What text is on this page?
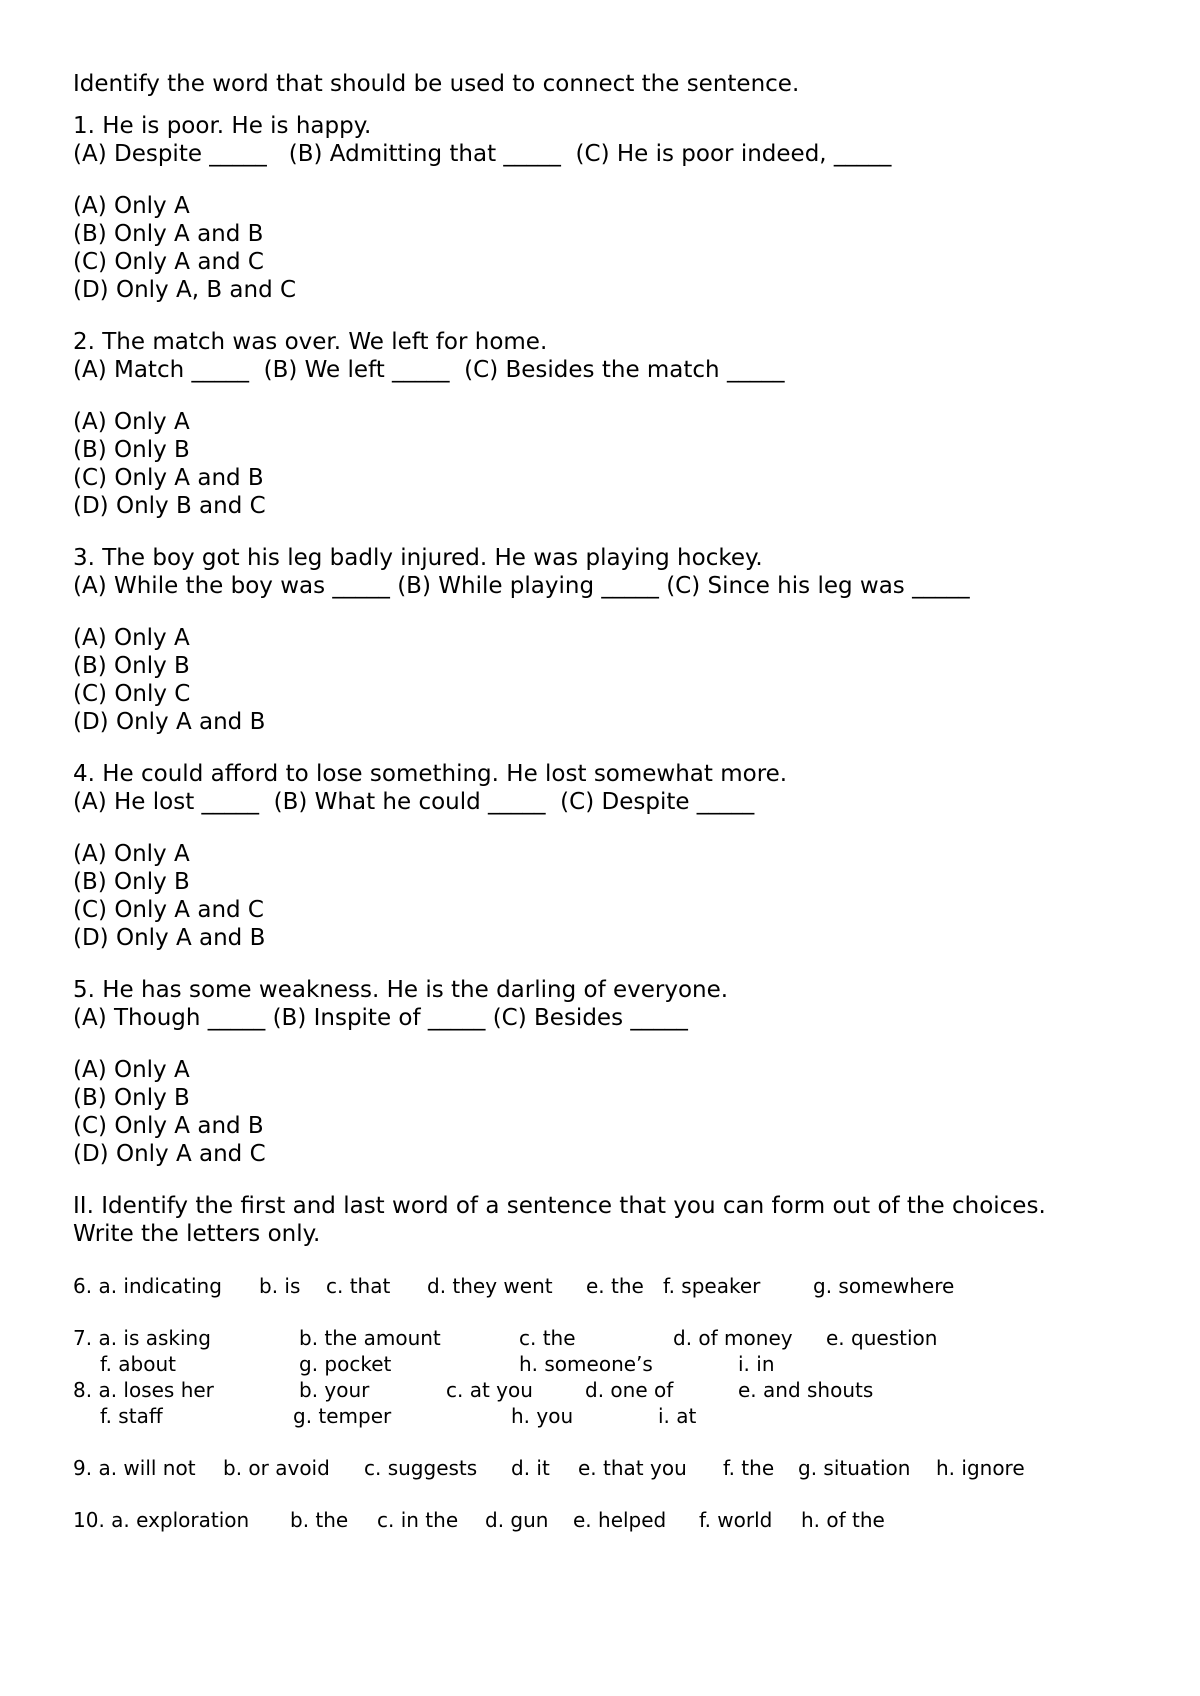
Identify the word that should be used to connect the sentence.
1. He is poor. He is happy.
(A) Despite _____   (B) Admitting that _____  (C) He is poor indeed, _____
(A) Only A
(B) Only A and B
(C) Only A and C
(D) Only A, B and C
2. The match was over. We left for home.
(A) Match _____  (B) We left _____  (C) Besides the match _____
(A) Only A
(B) Only B
(C) Only A and B
(D) Only B and C
3. The boy got his leg badly injured. He was playing hockey.
(A) While the boy was _____ (B) While playing _____ (C) Since his leg was _____
(A) Only A
(B) Only B
(C) Only C
(D) Only A and B
4. He could afford to lose something. He lost somewhat more.
(A) He lost _____  (B) What he could _____  (C) Despite _____
(A) Only A
(B) Only B
(C) Only A and C
(D) Only A and B
5. He has some weakness. He is the darling of everyone.
(A) Though _____ (B) Inspite of _____ (C) Besides _____
(A) Only A
(B) Only B
(C) Only A and B
(D) Only A and C
II. Identify the first and last word of a sentence that you can form out of the choices.
Write the letters only.
6. a. indicating b. is c. that d. they went e. the f. speaker	g. somewhere
7. a. is asking	b. the amount	c. the	d. of money e. question
f. about	g. pocket	h. someone’s	i. in
8. a. loses her	b. your	c. at you	d. one of	e. and shouts
f. staff	g. temper	h. you	i. at
9. a. will not b. or avoid c. suggests d. it e. that you f. the g. situation h. ignore
10. a. exploration b. the c. in the d. gun e. helped f. world h. of the
